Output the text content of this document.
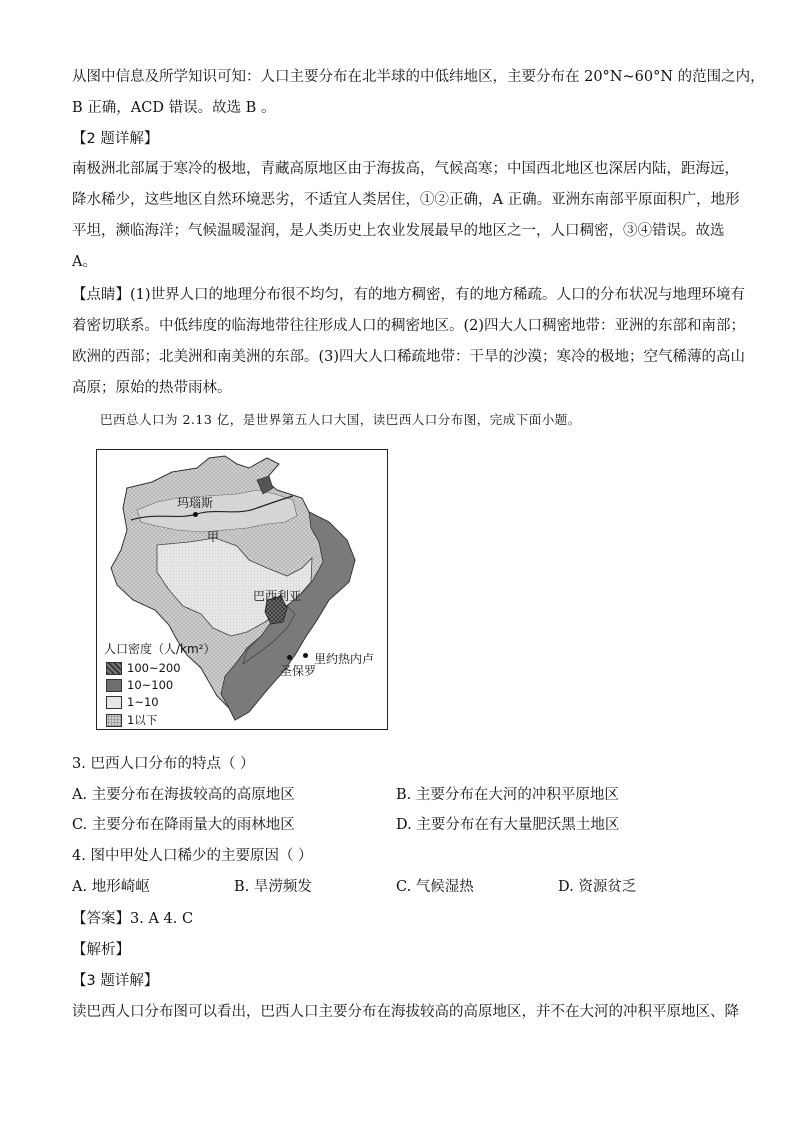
从图中信息及所学知识可知：人口主要分布在北半球的中低纬地区，主要分布在 20°N~60°N 的范围之内，
B 正确，ACD 错误。故选 B 。
【2 题详解】
南极洲北部属于寒冷的极地，青藏高原地区由于海拔高，气候高寒；中国西北地区也深居内陆，距海远，
降水稀少，这些地区自然环境恶劣，不适宜人类居住，①②正确，A 正确。亚洲东南部平原面积广，地形
平坦，濒临海洋；气候温暖湿润，是人类历史上农业发展最早的地区之一，人口稠密，③④错误。故选
A。
【点睛】(1)世界人口的地理分布很不均匀，有的地方稠密，有的地方稀疏。人口的分布状况与地理环境有
着密切联系。中低纬度的临海地带往往形成人口的稠密地区。(2)四大人口稠密地带：亚洲的东部和南部；
欧洲的西部；北美洲和南美洲的东部。(3)四大人口稀疏地带：干旱的沙漠；寒冷的极地；空气稀薄的高山
高原；原始的热带雨林。
巴西总人口为 2.13 亿，是世界第五人口大国，读巴西人口分布图，完成下面小题。
玛瑙斯
甲
巴西利亚
里约热内卢
圣保罗
人口密度（人/km²）
100~200
10~100
1~10
1以下
3. 巴西人口分布的特点（ ）
A. 主要分布在海拔较高的高原地区	B. 主要分布在大河的冲积平原地区
C. 主要分布在降雨量大的雨林地区	D. 主要分布在有大量肥沃黑土地区
4. 图中甲处人口稀少的主要原因（ ）
A. 地形崎岖	B. 旱涝频发	C. 气候湿热	D. 资源贫乏
【答案】3. A 4. C
【解析】
【3 题详解】
读巴西人口分布图可以看出，巴西人口主要分布在海拔较高的高原地区，并不在大河的冲积平原地区、降
